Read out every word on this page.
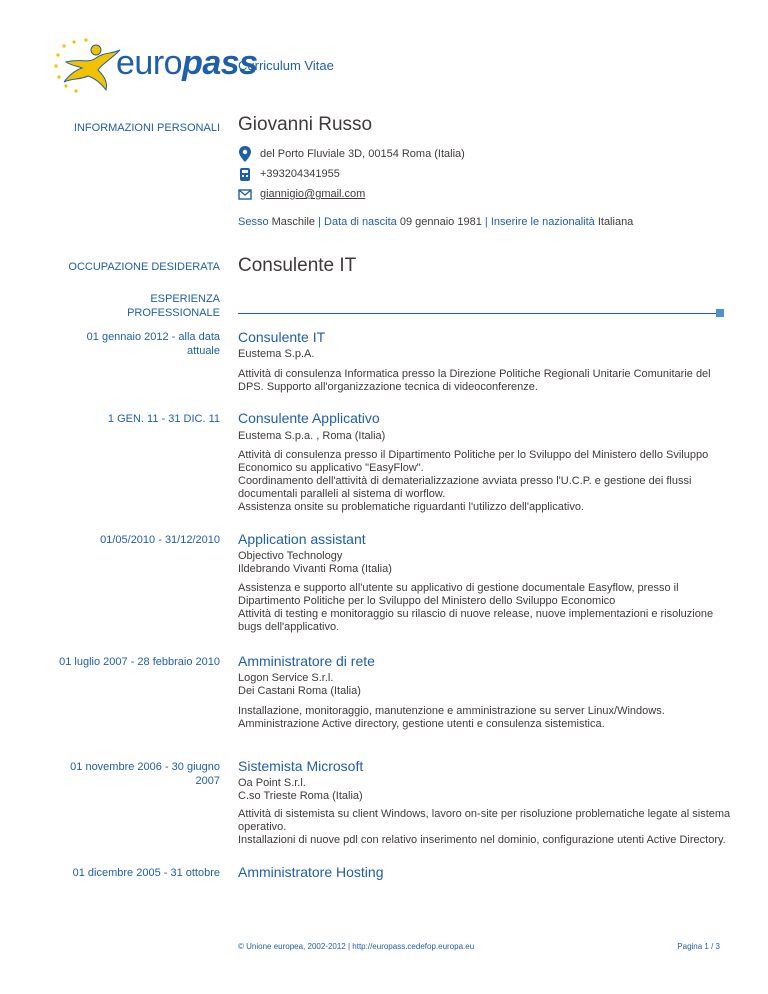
europass
Curriculum Vitae
INFORMAZIONI PERSONALI Giovanni Russo
del Porto Fluviale 3D, 00154 Roma (Italia)
+393204341955
giannigio@gmail.com
Sesso Maschile | Data di nascita 09 gennaio 1981 | Inserire le nazionalità Italiana
OCCUPAZIONE DESIDERATA Consulente IT
ESPERIENZA
PROFESSIONALE
01 gennaio 2012 - alla data
attuale
Consulente IT
Eustema S.p.A.
Attività di consulenza Informatica presso la Direzione Politiche Regionali Unitarie Comunitarie del
DPS. Supporto all'organizzazione tecnica di videoconferenze.
1 GEN. 11 - 31 DIC. 11 Consulente Applicativo
Eustema S.p.a. , Roma (Italia)
Attività di consulenza presso il Dipartimento Politiche per lo Sviluppo del Ministero dello Sviluppo
Economico su applicativo "EasyFlow".
Coordinamento dell'attività di dematerializzazione avviata presso l'U.C.P. e gestione dei flussi
documentali paralleli al sistema di worflow.
Assistenza onsite su problematiche riguardanti l'utilizzo dell'applicativo.
01/05/2010 - 31/12/2010 Application assistant
Objectivo Technology
Ildebrando Vivanti Roma (Italia)
Assistenza e supporto all'utente su applicativo di gestione documentale Easyflow, presso il
Dipartimento Politiche per lo Sviluppo del Ministero dello Sviluppo Economico
Attività di testing e monitoraggio su rilascio di nuove release, nuove implementazioni e risoluzione
bugs dell'applicativo.
01 luglio 2007 - 28 febbraio 2010 Amministratore di rete
Logon Service S.r.l.
Dei Castani Roma (Italia)
Installazione, monitoraggio, manutenzione e amministrazione su server Linux/Windows.
Amministrazione Active directory, gestione utenti e consulenza sistemistica.
01 novembre 2006 - 30 giugno
2007
Sistemista Microsoft
Oa Point S.r.l.
C.so Trieste Roma (Italia)
Attività di sistemista su client Windows, lavoro on-site per risoluzione problematiche legate al sistema
operativo.
Installazioni di nuove pdl con relativo inserimento nel dominio, configurazione utenti Active Directory.
01 dicembre 2005 - 31 ottobre Amministratore Hosting
© Unione europea, 2002-2012 | http://europass.cedefop.europa.eu	Pagina 1 / 3
